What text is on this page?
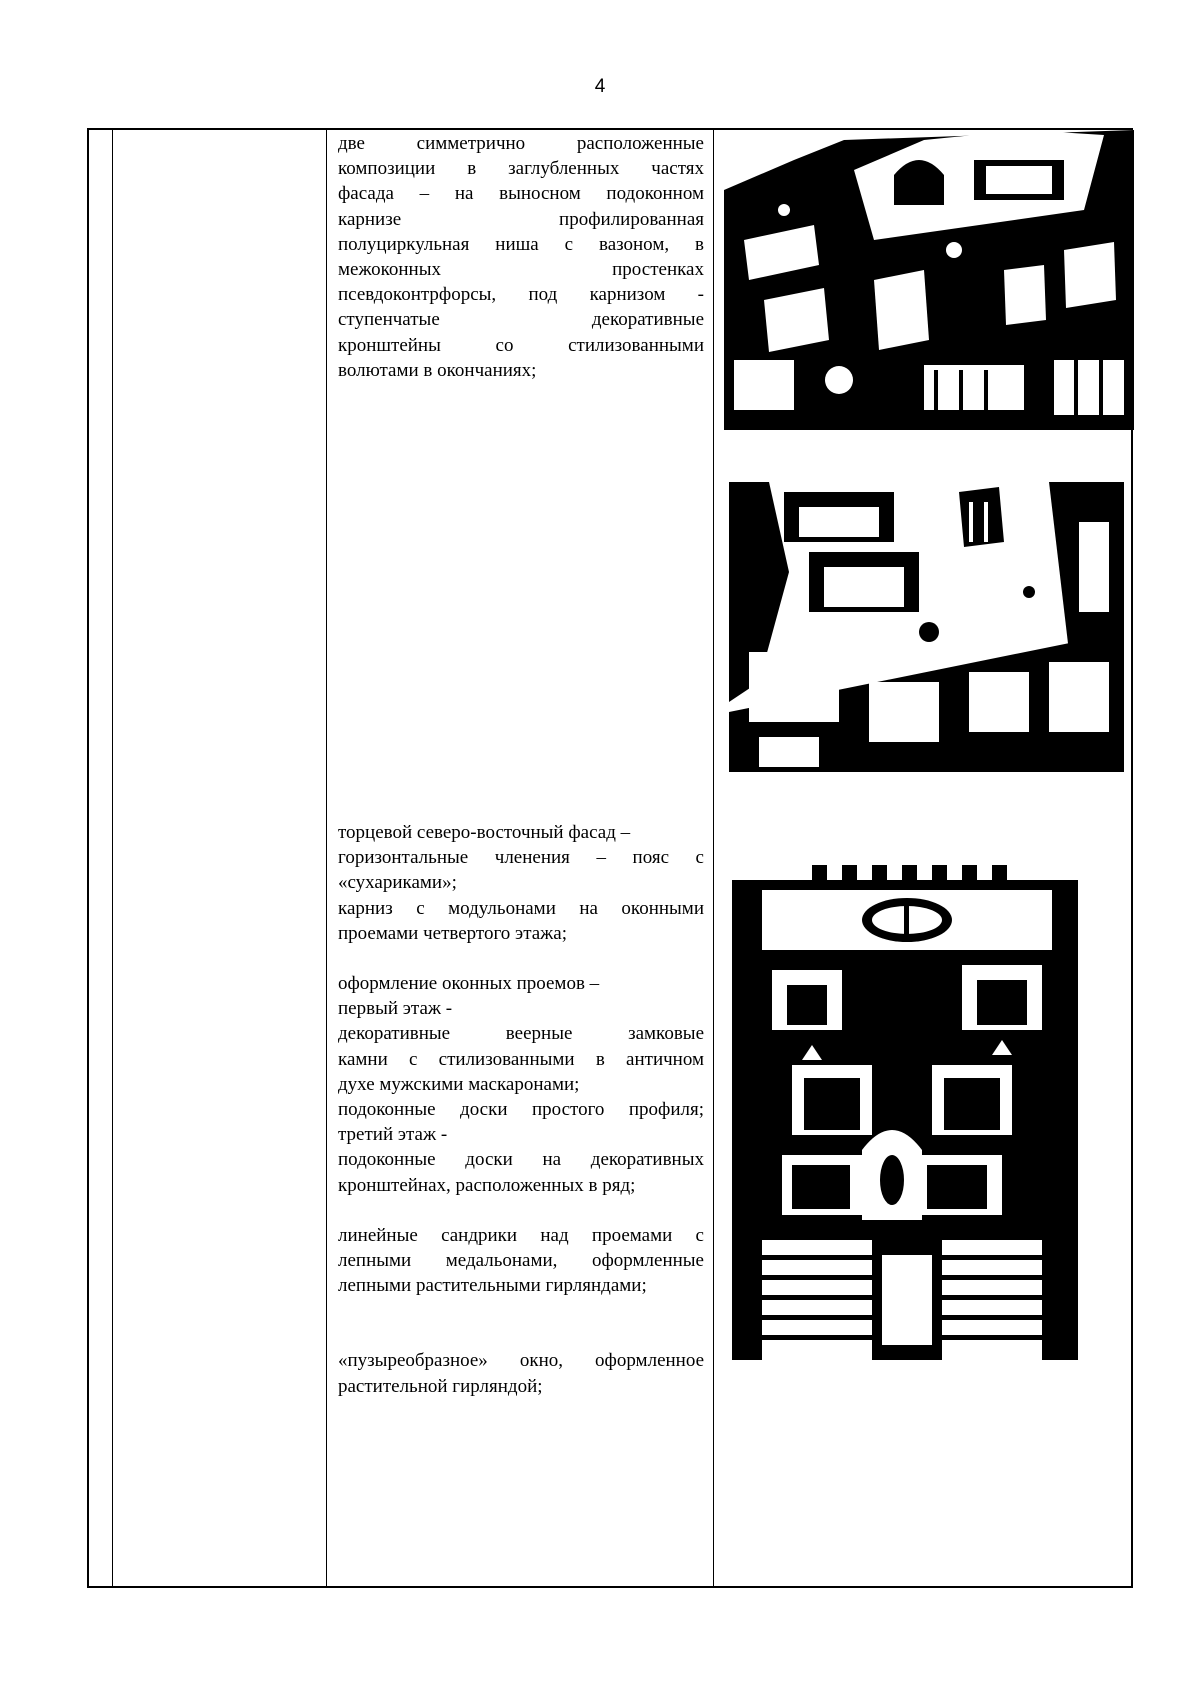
4

две симметрично расположенные

композиции в заглубленных частях

фасада – на выносном подоконном

карнизе профилированная

полуциркульная ниша с вазоном, в

межоконных простенках

псевдоконтрфорсы, под карнизом -

ступенчатые декоративные

кронштейны со стилизованными

волютами в окончаниях;

торцевой северо-восточный фасад –

горизонтальные членения – пояс с

«сухариками»;

карниз с модульонами на оконными

проемами четвертого этажа;

оформление оконных проемов –

первый этаж -

декоративные веерные замковые

камни с стилизованными в античном

духе мужскими маскаронами;

подоконные доски простого профиля;

третий этаж -

подоконные доски на декоративных

кронштейнах, расположенных в ряд;

линейные сандрики над проемами с

лепными медальонами, оформленные

лепными растительными гирляндами;

«пузыреобразное» окно, оформленное

растительной гирляндой;
